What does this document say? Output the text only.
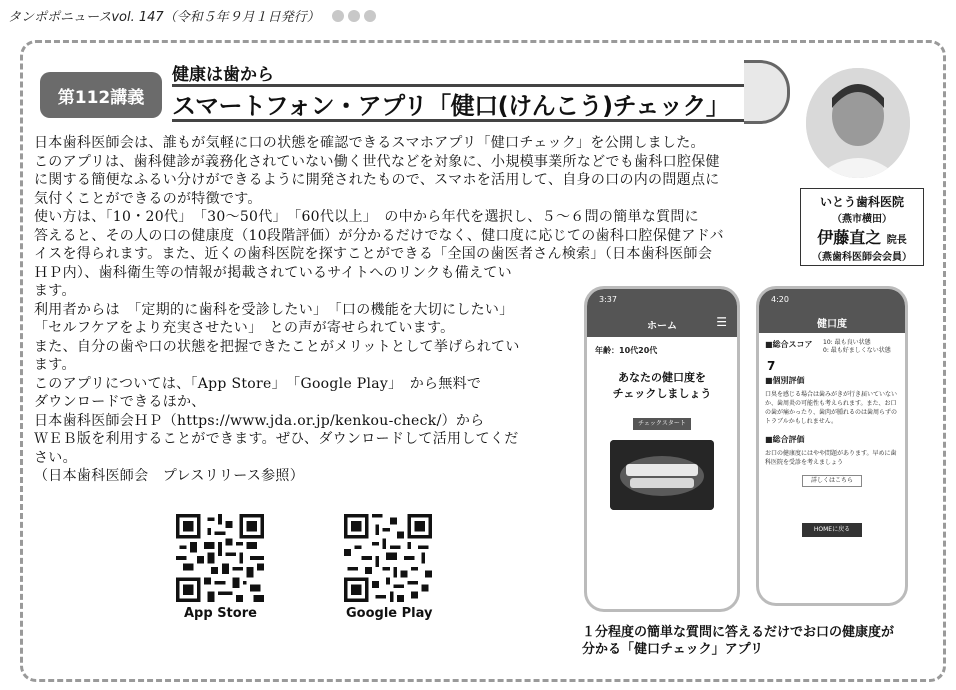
タンポポニュースvol. 147（令和５年９月１日発行）
第112講義
健康は歯から
スマートフォン・アプリ「健口(けんこう)チェック」
いとう歯科医院
（燕市横田）
伊藤直之 院長
（燕歯科医師会会員）

日本歯科医師会は、誰もが気軽に口の状態を確認できるスマホアプリ「健口チェック」を公開しました。

このアプリは、歯科健診が義務化されていない働く世代などを対象に、小規模事業所などでも歯科口腔保健

に関する簡便なふるい分けができるように開発されたもので、スマホを活用して、自身の口の内の問題点に

気付くことができるのが特徴です。

使い方は、「10・20代」　「30〜50代」　「60代以上」　の中から年代を選択し、５〜６問の簡単な質問に

答えると、その人の口の健康度（10段階評価）が分かるだけでなく、健口度に応じての歯科口腔保健アドバ

イスを得られます。また、近くの歯科医院を探すことができる「全国の歯医者さん検索」（日本歯科医師会

ＨＰ内）、歯科衛生等の情報が掲載されているサイトへのリンクも備えてい

ます。

利用者からは　「定期的に歯科を受診したい」　「口の機能を大切にしたい」

「セルフケアをより充実させたい」　との声が寄せられています。

また、自分の歯や口の状態を把握できたことがメリットとして挙げられてい

ます。

このアプリについては、「App Store」　「Google Play」　から無料で

ダウンロードできるほか、

日本歯科医師会ＨＰ（https://www.jda.or.jp/kenkou-check/）から

ＷＥＢ版を利用することができます。ぜひ、ダウンロードして活用してくだ

さい。

（日本歯科医師会　プレスリリース参照）

App Store	Google Play
3:37
ホーム	☰
年齢：10代20代
あなたの健口度を
チェックしましょう
チェックスタート
4:20
健口度
■総合スコア 10: 最も良い状態
0: 最も好ましくない状態
7
■個別評価
口臭を感じる場合は歯みがきが行き届いていないか、歯周炎の可能性も考えられます。また、お口の歯が痛かったり、歯肉が腫れるのは歯周らずのトラブルかもしれません。
■総合評価
お口の健康度にはやや問題があります。早めに歯科医院を受診を考えましょう
詳しくはこちら
HOMEに戻る
１分程度の簡単な質問に答えるだけでお口の健康度が
分かる「健口チェック」アプリ
